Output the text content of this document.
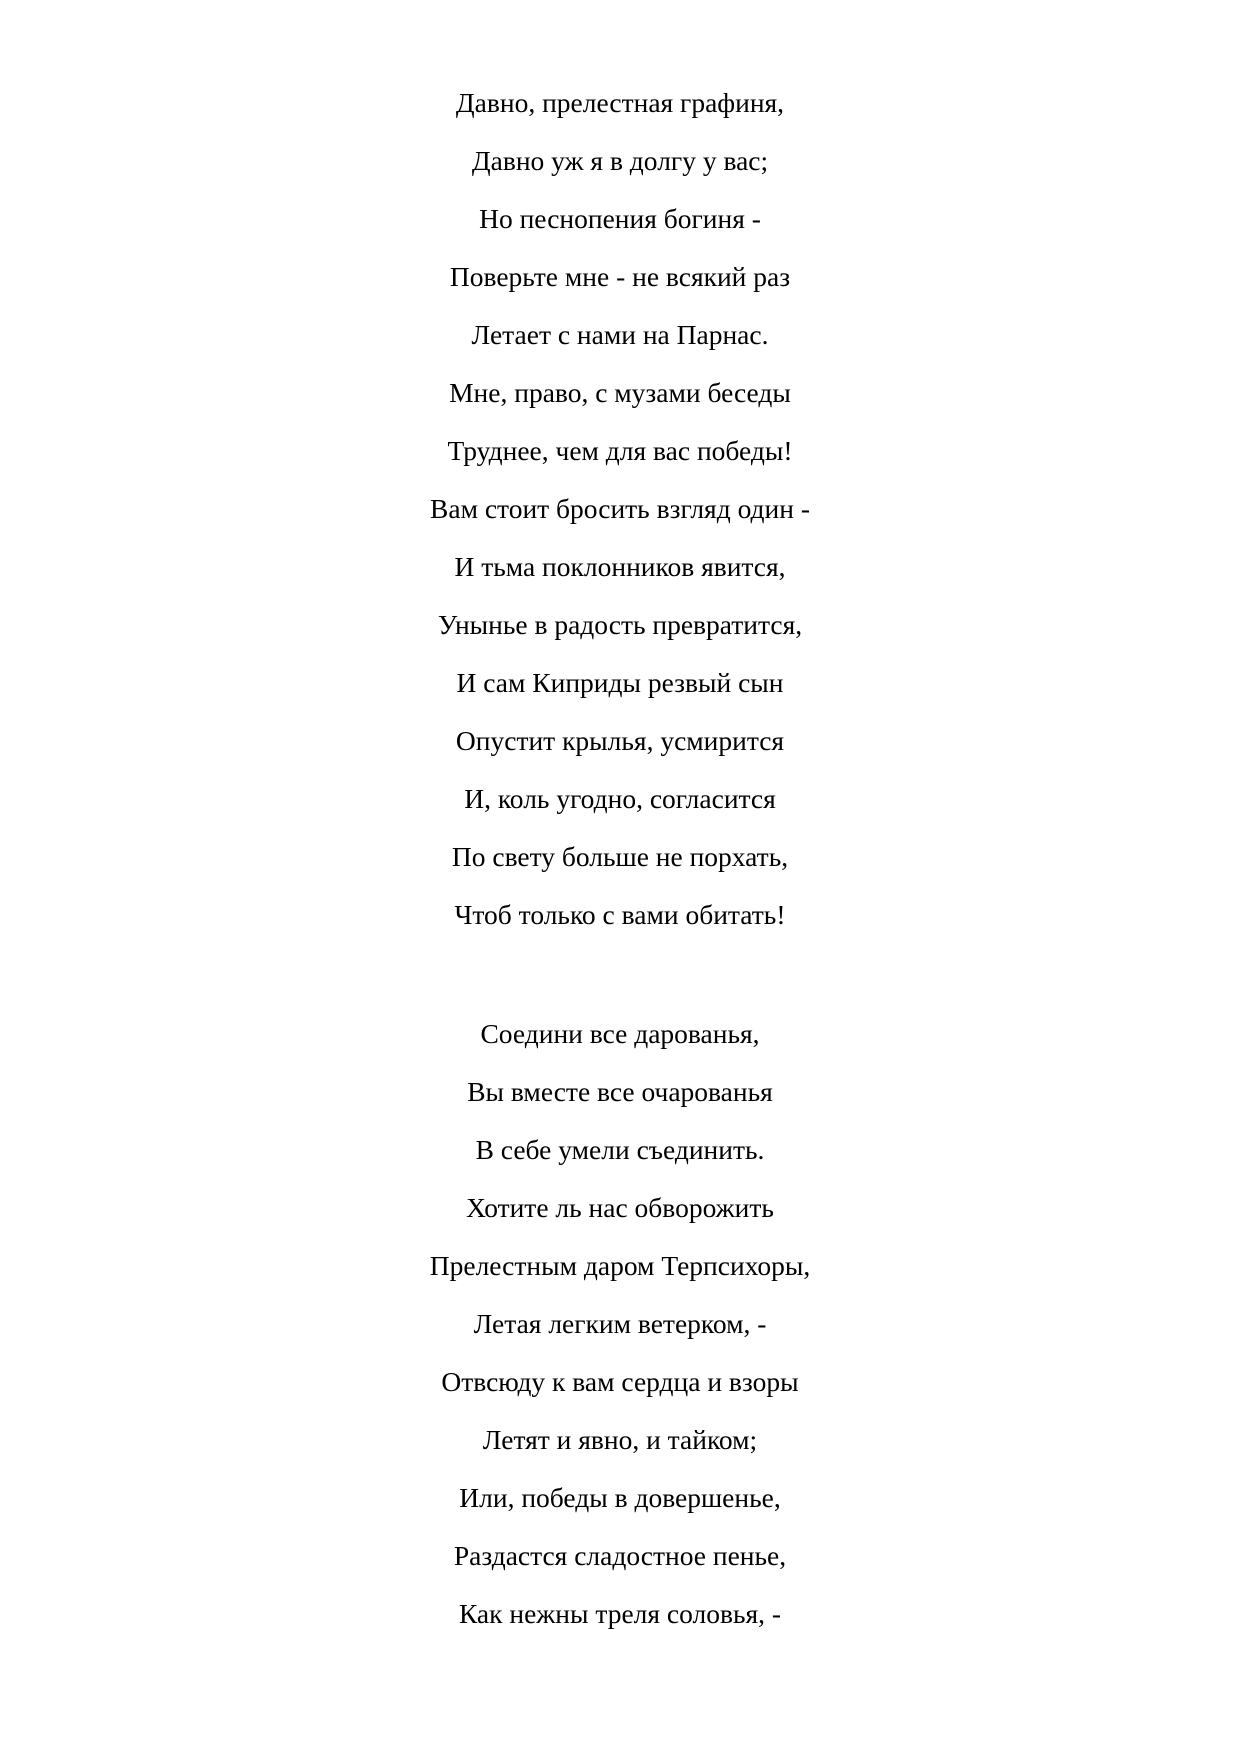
Давно, прелестная графиня,

Давно уж я в долгу у вас;

Но песнопения богиня -

Поверьте мне - не всякий раз

Летает с нами на Парнас.

Мне, право, с музами беседы

Труднее, чем для вас победы!

Вам стоит бросить взгляд один -

И тьма поклонников явится,

Унынье в радость превратится,

И сам Киприды резвый сын

Опустит крылья, усмирится

И, коль угодно, согласится

По свету больше не порхать,

Чтоб только с вами обитать!

Соедини все дарованья,

Вы вместе все очарованья

В себе умели съединить.

Хотите ль нас обворожить

Прелестным даром Терпсихоры,

Летая легким ветерком, -

Отвсюду к вам сердца и взоры

Летят и явно, и тайком;

Или, победы в довершенье,

Раздастся сладостное пенье,

Как нежны треля соловья, -
